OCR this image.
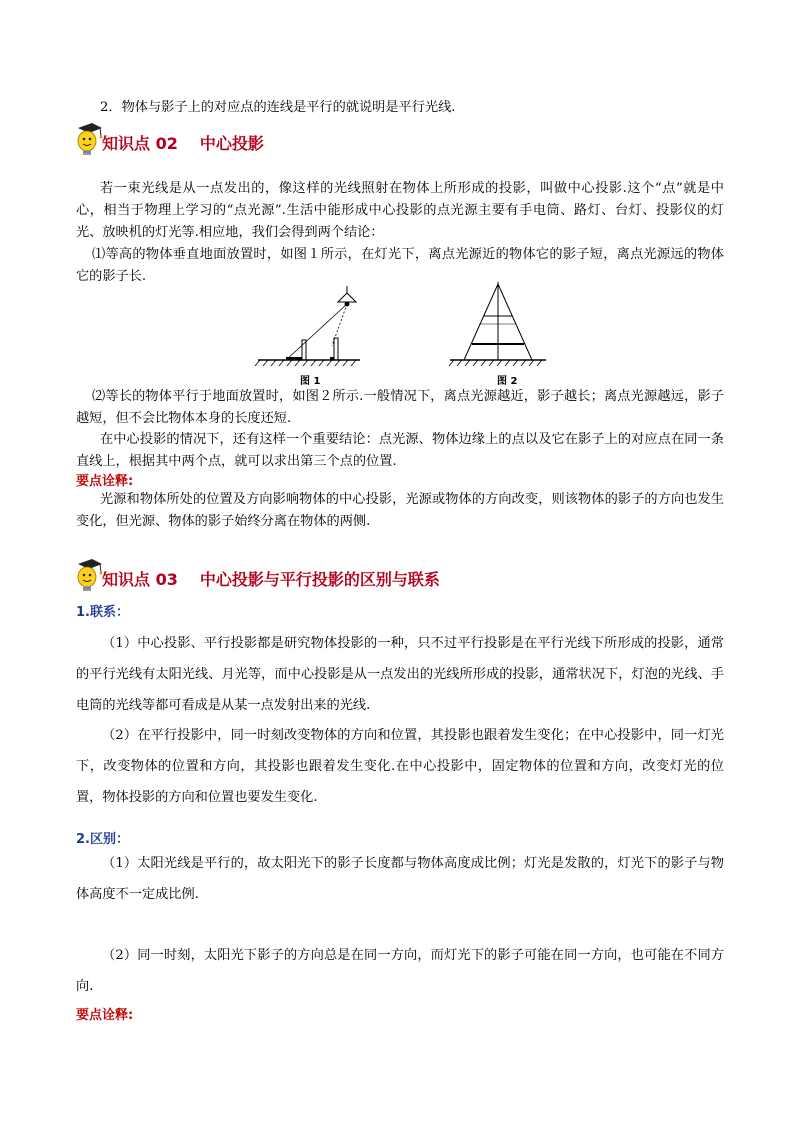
2．物体与影子上的对应点的连线是平行的就说明是平行光线.
知识点 02 中心投影
若一束光线是从一点发出的，像这样的光线照射在物体上所形成的投影，叫做中心投影.这个“点”就是中心，相当于物理上学习的“点光源”.生活中能形成中心投影的点光源主要有手电筒、路灯、台灯、投影仪的灯光、放映机的灯光等.相应地，我们会得到两个结论：
⑴等高的物体垂直地面放置时，如图１所示，在灯光下，离点光源近的物体它的影子短，离点光源远的物体它的影子长.
图 1	图 2
⑵等长的物体平行于地面放置时，如图２所示.一般情况下，离点光源越近，影子越长；离点光源越远，影子越短，但不会比物体本身的长度还短.
在中心投影的情况下，还有这样一个重要结论：点光源、物体边缘上的点以及它在影子上的对应点在同一条直线上，根据其中两个点，就可以求出第三个点的位置.
要点诠释:
光源和物体所处的位置及方向影响物体的中心投影，光源或物体的方向改变，则该物体的影子的方向也发生变化，但光源、物体的影子始终分离在物体的两侧.
知识点 03 中心投影与平行投影的区别与联系
1.联系：
（1）中心投影、平行投影都是研究物体投影的一种，只不过平行投影是在平行光线下所形成的投影，通常的平行光线有太阳光线、月光等，而中心投影是从一点发出的光线所形成的投影，通常状况下，灯泡的光线、手电筒的光线等都可看成是从某一点发射出来的光线.
（2）在平行投影中，同一时刻改变物体的方向和位置，其投影也跟着发生变化；在中心投影中，同一灯光下，改变物体的位置和方向，其投影也跟着发生变化.在中心投影中，固定物体的位置和方向，改变灯光的位置，物体投影的方向和位置也要发生变化.
2.区别：
（1）太阳光线是平行的，故太阳光下的影子长度都与物体高度成比例；灯光是发散的，灯光下的影子与物体高度不一定成比例.
（2）同一时刻，太阳光下影子的方向总是在同一方向，而灯光下的影子可能在同一方向，也可能在不同方向.
要点诠释:
